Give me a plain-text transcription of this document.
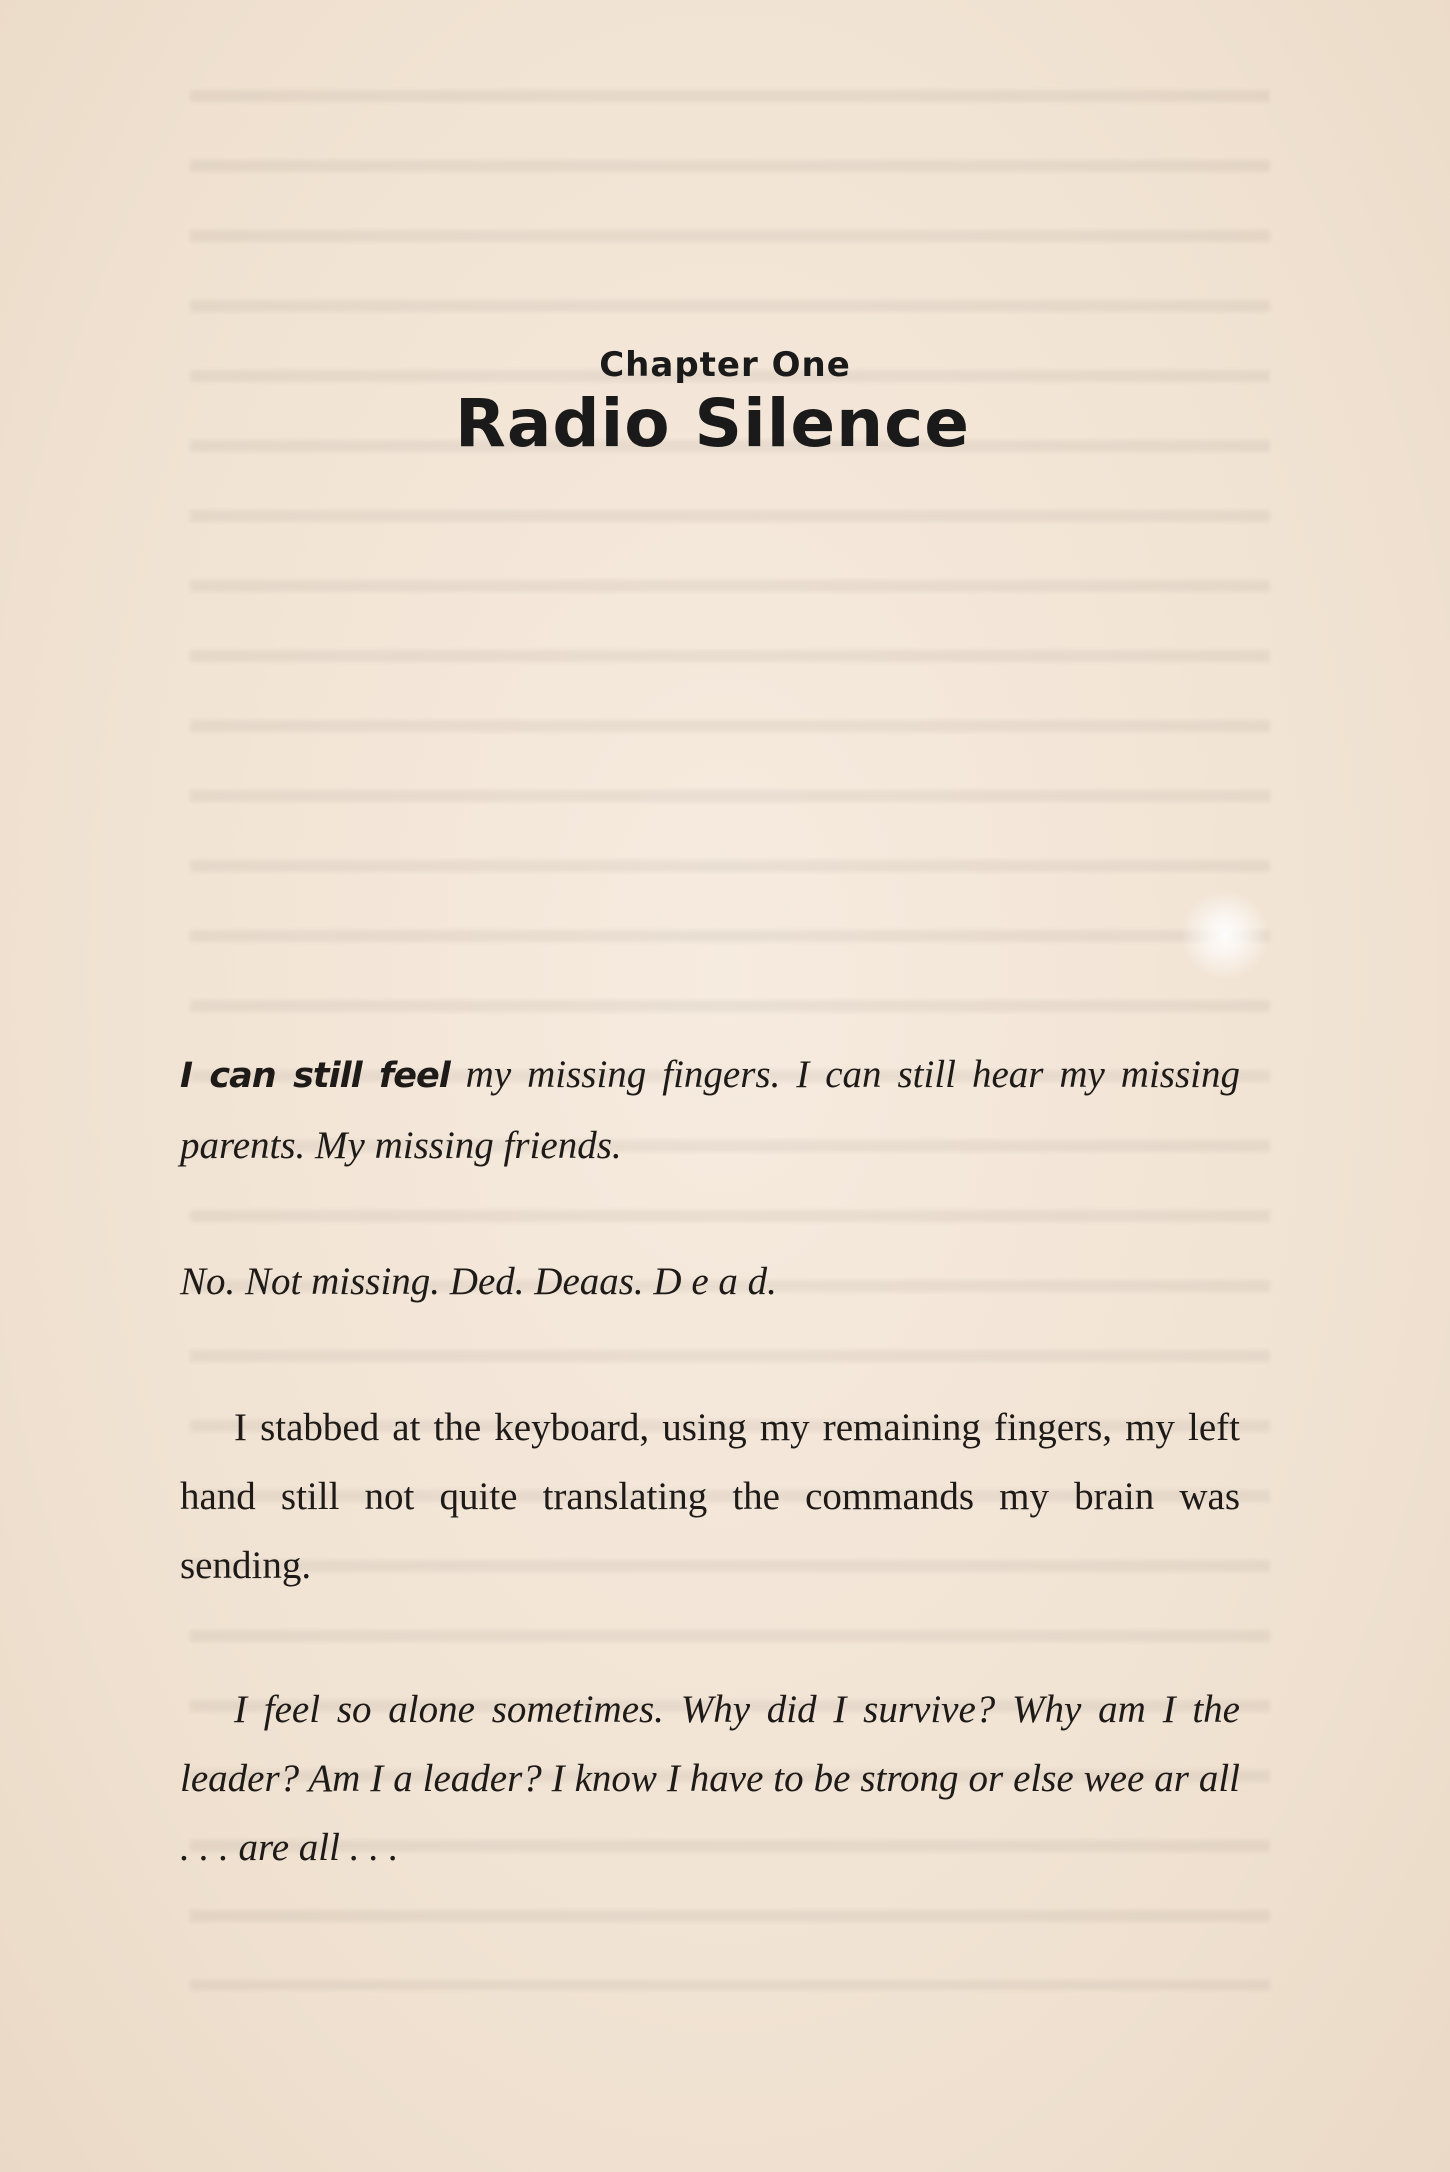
Chapter One
Radio Silence

I can still feel my missing fingers. I can still hear my missing parents. My missing friends.

No. Not missing. Ded. Deaas. D e a d.

I stabbed at the keyboard, using my remaining fingers, my left hand still not quite translating the commands my brain was sending.

I feel so alone sometimes. Why did I survive? Why am I the leader? Am I a leader? I know I have to be strong or else wee ar all . . . are all . . .
